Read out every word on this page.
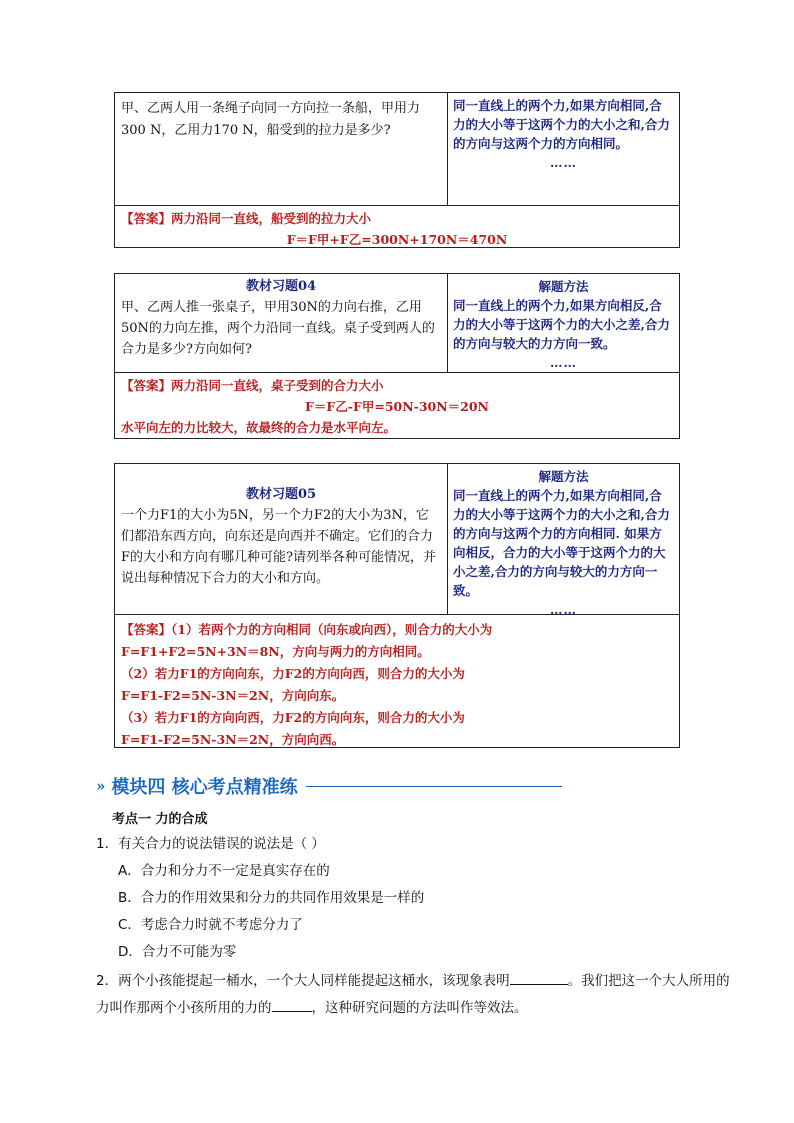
甲、乙两人用一条绳子向同一方向拉一条船，甲用力300 N，乙用力170 N，船受到的拉力是多少?
同一直线上的两个力,如果方向相同,合力的大小等于这两个力的大小之和,合力的方向与这两个力的方向相同。
……
【答案】两力沿同一直线，船受到的拉力大小
F＝F甲+F乙=300N+170N＝470N
教材习题04
甲、乙两人推一张桌子，甲用30N的力向右推，乙用50N的力向左推，两个力沿同一直线。桌子受到两人的合力是多少?方向如何?
解题方法
同一直线上的两个力,如果方向相反,合力的大小等于这两个力的大小之差,合力的方向与较大的力方向一致。
……
【答案】两力沿同一直线，桌子受到的合力大小
F＝F乙-F甲=50N-30N＝20N
水平向左的力比较大，故最终的合力是水平向左。
教材习题05
一个力F1的大小为5N，另一个力F2的大小为3N，它们都沿东西方向，向东还是向西并不确定。它们的合力F的大小和方向有哪几种可能?请列举各种可能情况，并说出每种情况下合力的大小和方向。
解题方法
同一直线上的两个力,如果方向相同,合力的大小等于这两个力的大小之和,合力的方向与这两个力的方向相同. 如果方向相反，合力的大小等于这两个力的大小之差,合力的方向与较大的力方向一致。
……
【答案】（1）若两个力的方向相同（向东或向西），则合力的大小为
F=F1+F2=5N+3N＝8N，方向与两力的方向相同。
（2）若力F1的方向向东，力F2的方向向西，则合力的大小为
F=F1-F2=5N-3N＝2N，方向向东。
（3）若力F1的方向向西，力F2的方向向东，则合力的大小为
F=F1-F2=5N-3N＝2N，方向向西。
» 模块四 核心考点精准练
考点一 力的合成
1．有关合力的说法错误的说法是（ ）
A．合力和分力不一定是真实存在的
B．合力的作用效果和分力的共同作用效果是一样的
C．考虑合力时就不考虑分力了
D．合力不可能为零
2．两个小孩能提起一桶水，一个大人同样能提起这桶水，该现象表明	。我们把这一个大人所用的
力叫作那两个小孩所用的力的	，这种研究问题的方法叫作等效法。
